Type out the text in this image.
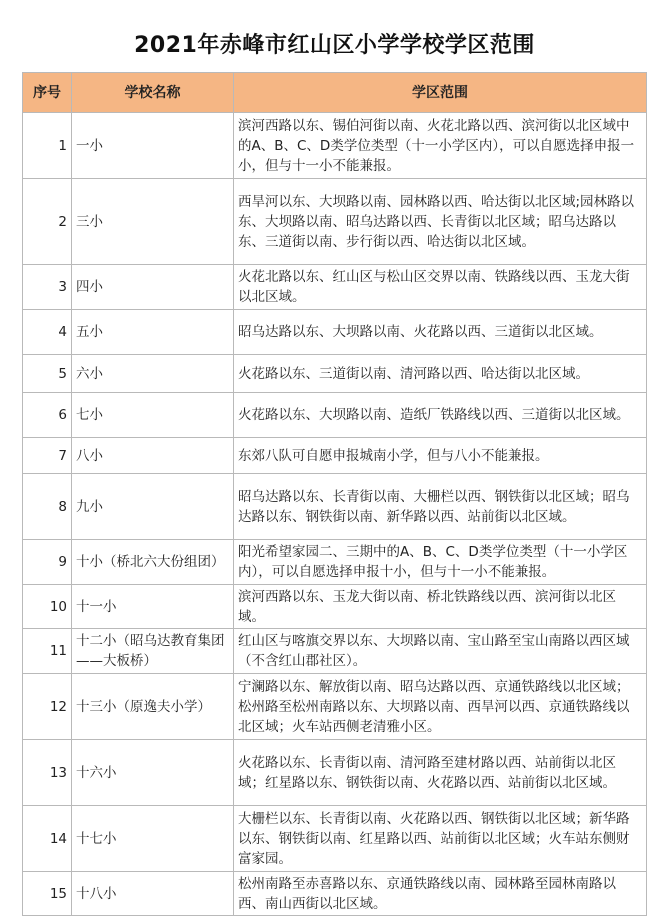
2021年赤峰市红山区小学学校学区范围
序号	学校名称	学区范围
1	一小	滨河西路以东、锡伯河街以南、火花北路以西、滨河街以北区域中的A、B、C、D类学位类型（十一小学区内），可以自愿选择申报一小，但与十一小不能兼报。
2	三小	西旱河以东、大坝路以南、园林路以西、哈达街以北区域;园林路以东、大坝路以南、昭乌达路以西、长青街以北区域；昭乌达路以东、三道街以南、步行街以西、哈达街以北区域。
3	四小	火花北路以东、红山区与松山区交界以南、铁路线以西、玉龙大街以北区域。
4	五小	昭乌达路以东、大坝路以南、火花路以西、三道街以北区域。
5	六小	火花路以东、三道街以南、清河路以西、哈达街以北区域。
6	七小	火花路以东、大坝路以南、造纸厂铁路线以西、三道街以北区域。
7	八小	东郊八队可自愿申报城南小学，但与八小不能兼报。
8	九小	昭乌达路以东、长青街以南、大栅栏以西、钢铁街以北区域；昭乌达路以东、钢铁街以南、新华路以西、站前街以北区域。
9	十小（桥北六大份组团）	阳光希望家园二、三期中的A、B、C、D类学位类型（十一小学区内），可以自愿选择申报十小，但与十一小不能兼报。
10	十一小	滨河西路以东、玉龙大街以南、桥北铁路线以西、滨河街以北区域。
11	十二小（昭乌达教育集团——大板桥）	红山区与喀旗交界以东、大坝路以南、宝山路至宝山南路以西区域（不含红山郡社区）。
12	十三小（原逸夫小学）	宁澜路以东、解放街以南、昭乌达路以西、京通铁路线以北区域；松州路至松州南路以东、大坝路以南、西旱河以西、京通铁路线以北区域；火车站西侧老清雅小区。
13	十六小	火花路以东、长青街以南、清河路至建材路以西、站前街以北区域；红星路以东、钢铁街以南、火花路以西、站前街以北区域。
14	十七小	大栅栏以东、长青街以南、火花路以西、钢铁街以北区域；新华路以东、钢铁街以南、红星路以西、站前街以北区域；火车站东侧财富家园。
15	十八小	松州南路至赤喜路以东、京通铁路线以南、园林路至园林南路以西、南山西街以北区域。
